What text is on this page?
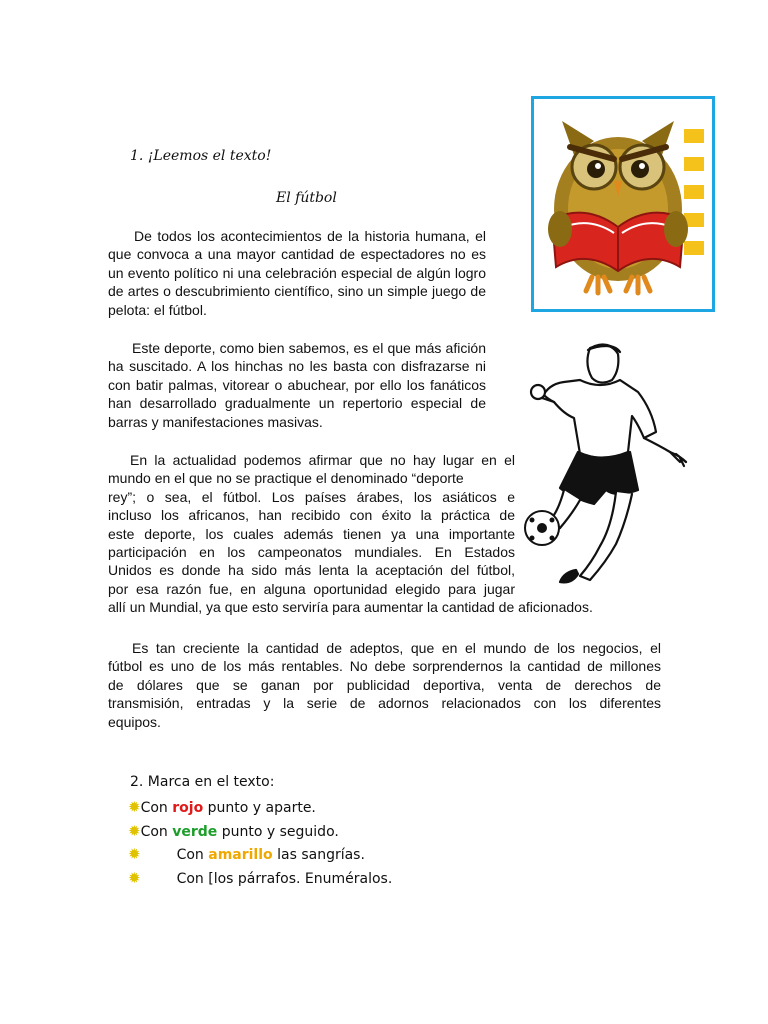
1. ¡Leemos el texto!
El fútbol
De todos los acontecimientos de la historia humana, el
que convoca a una mayor cantidad de espectadores no es
un evento político ni una celebración especial de algún logro
de artes o descubrimiento científico, sino un simple juego de
pelota: el fútbol.
Este deporte, como bien sabemos, es el que más afición
ha suscitado. A los hinchas no les basta con disfrazarse ni
con batir palmas, vitorear o abuchear, por ello los fanáticos
han desarrollado gradualmente un repertorio especial de
barras y manifestaciones masivas.
En la actualidad podemos afirmar que no hay lugar en el
mundo en el que no se practique el denominado “deporte
rey”; o sea, el fútbol. Los países árabes, los asiáticos e
incluso los africanos, han recibido con éxito la práctica de
este deporte, los cuales además tienen ya una importante
participación en los campeonatos mundiales. En Estados
Unidos es donde ha sido más lenta la aceptación del fútbol,
por esa razón fue, en alguna oportunidad elegido para jugar
allí un Mundial, ya que esto serviría para aumentar la cantidad de aficionados.
Es tan creciente la cantidad de adeptos, que en el mundo de los negocios, el
fútbol es uno de los más rentables. No debe sorprendernos la cantidad de millones
de dólares que se ganan por publicidad deportiva, venta de derechos de
transmisión, entradas y la serie de adornos relacionados con los diferentes
equipos.
2. Marca en el texto:
✹Con rojo punto y aparte.
✹Con verde punto y seguido.
✹	Con amarillo las sangrías.
✹	Con [los párrafos. Enuméralos.
